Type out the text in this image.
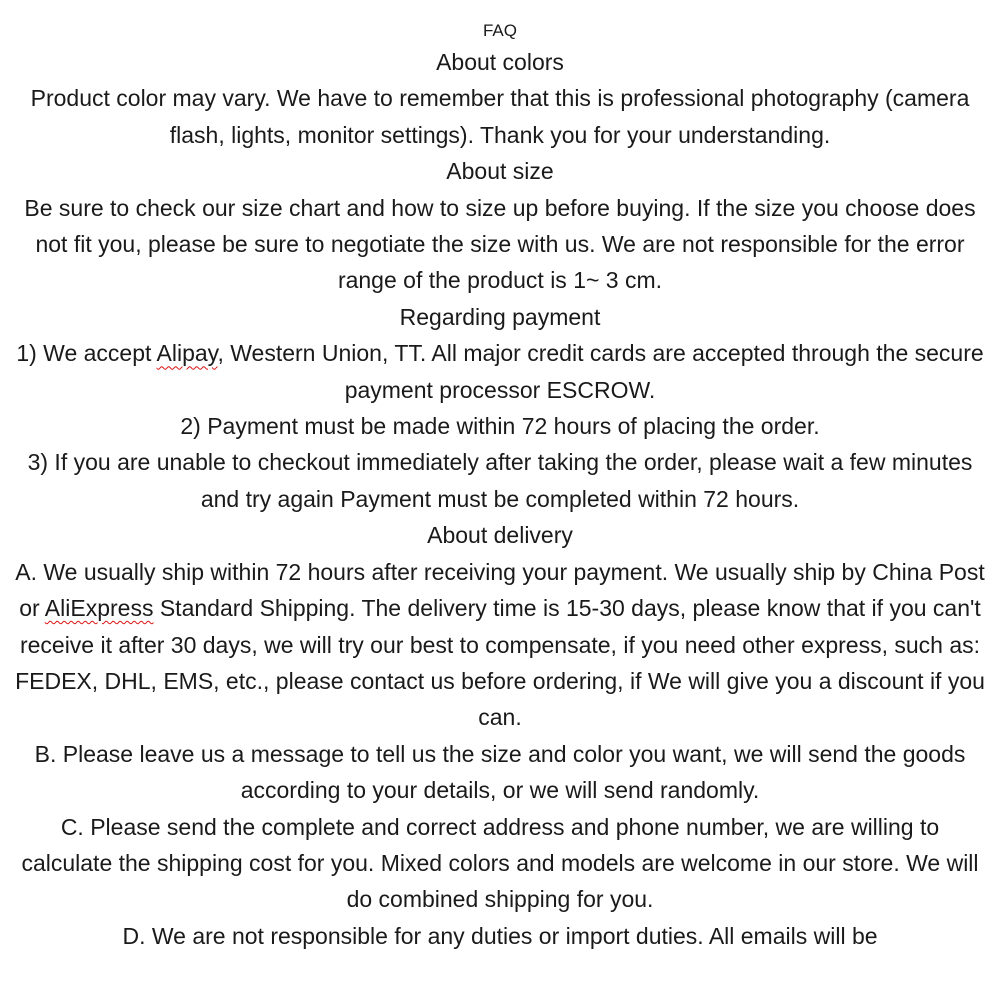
FAQ
About colors

Product color may vary. We have to remember that this is professional photography (camera flash, lights, monitor settings). Thank you for your understanding.

About size

Be sure to check our size chart and how to size up before buying. If the size you choose does not fit you, please be sure to negotiate the size with us. We are not responsible for the error range of the product is 1~ 3 cm.

Regarding payment

1) We accept Alipay, Western Union, TT. All major credit cards are accepted through the secure payment processor ESCROW.

2) Payment must be made within 72 hours of placing the order.

3) If you are unable to checkout immediately after taking the order, please wait a few minutes and try again Payment must be completed within 72 hours.

About delivery

A. We usually ship within 72 hours after receiving your payment. We usually ship by China Post or AliExpress Standard Shipping. The delivery time is 15-30 days, please know that if you can't receive it after 30 days, we will try our best to compensate, if you need other express, such as: FEDEX, DHL, EMS, etc., please contact us before ordering, if We will give you a discount if you can.

B. Please leave us a message to tell us the size and color you want, we will send the goods according to your details, or we will send randomly.

C. Please send the complete and correct address and phone number, we are willing to calculate the shipping cost for you. Mixed colors and models are welcome in our store. We will do combined shipping for you.

D. We are not responsible for any duties or import duties. All emails will be
